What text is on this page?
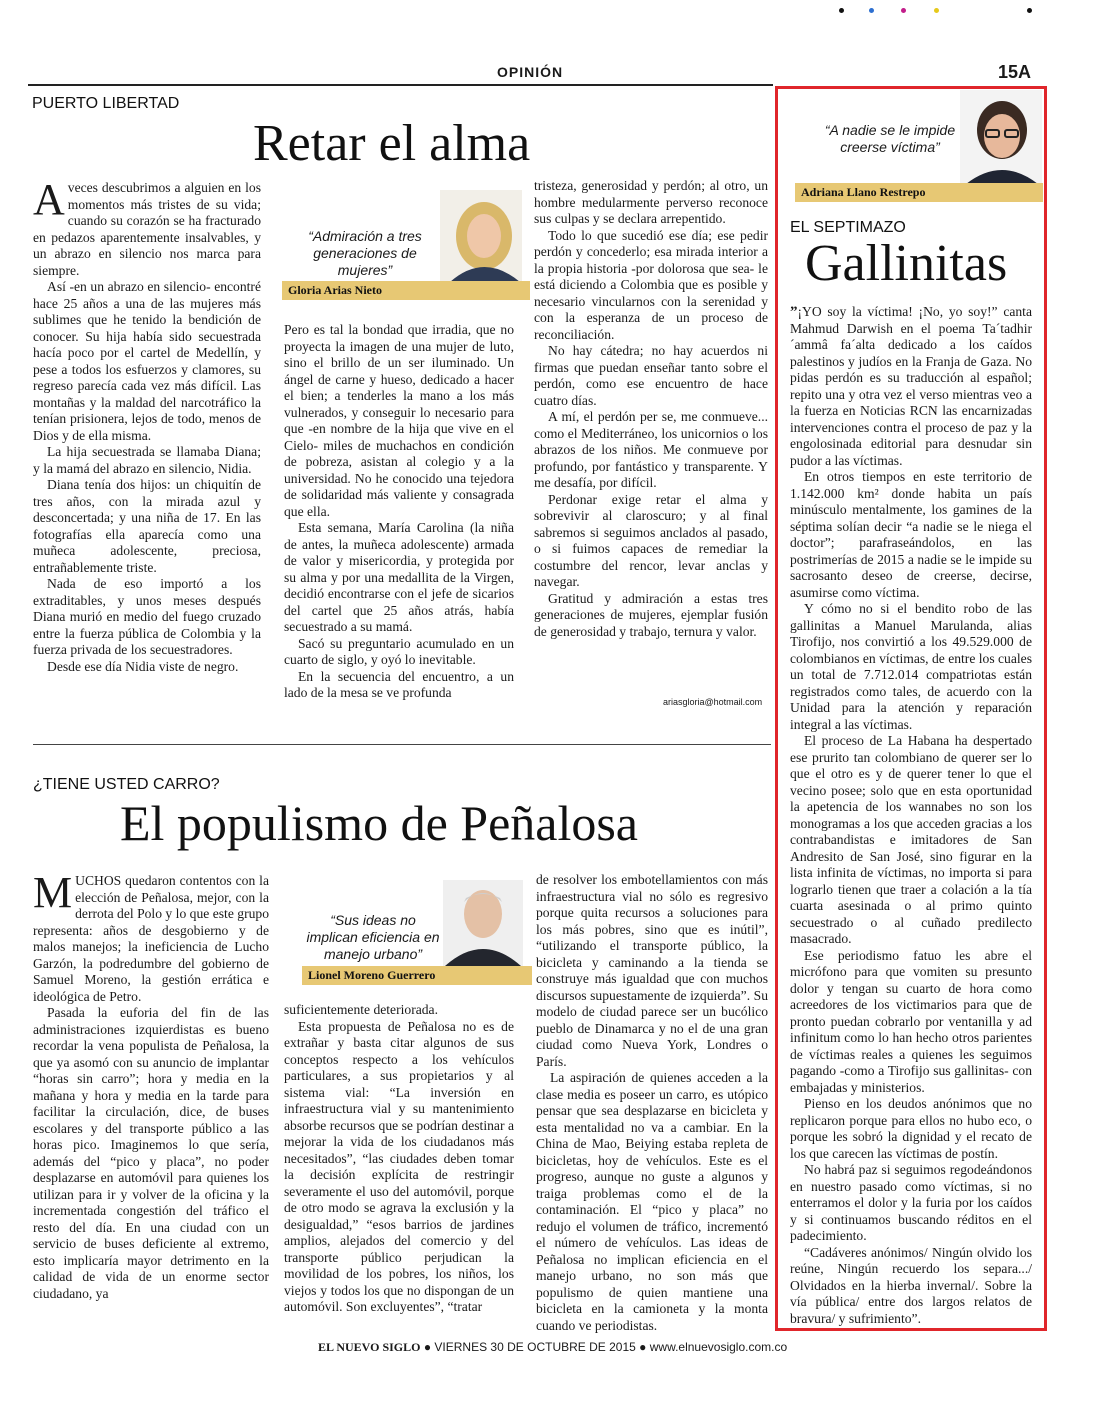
OPINIÓN	15A
PUERTO LIBERTAD
Retar el alma

Aveces descubrimos a alguien en los momentos más tristes de su vida; cuando su corazón se ha fracturado en pedazos aparentemente insalvables, y un abrazo en silencio nos marca para siempre.

Así -en un abrazo en silencio- encontré hace 25 años a una de las mujeres más sublimes que he tenido la bendición de conocer. Su hija había sido secuestrada hacía poco por el cartel de Medellín, y pese a todos los esfuerzos y clamores, su regreso parecía cada vez más difícil. Las montañas y la maldad del narcotráfico la tenían prisionera, lejos de todo, menos de Dios y de ella misma.

La hija secuestrada se llamaba Diana; y la mamá del abrazo en silencio, Nidia.

Diana tenía dos hijos: un chiquitín de tres años, con la mirada azul y desconcertada; y una niña de 17. En las fotografías ella aparecía como una muñeca adolescente, preciosa, entrañablemente triste.

Nada de eso importó a los extraditables, y unos meses después Diana murió en medio del fuego cruzado entre la fuerza pública de Colombia y la fuerza privada de los secuestradores.

Desde ese día Nidia viste de negro.

“Admiración a tres generaciones de mujeres”
Gloria Arias Nieto

Pero es tal la bondad que irradia, que no proyecta la imagen de una mujer de luto, sino el brillo de un ser iluminado. Un ángel de carne y hueso, dedicado a hacer el bien; a tenderles la mano a los más vulnerados, y conseguir lo necesario para que -en nombre de la hija que vive en el Cielo- miles de muchachos en condición de pobreza, asistan al colegio y a la universidad. No he conocido una tejedora de solidaridad más valiente y consagrada que ella.

Esta semana, María Carolina (la niña de antes, la muñeca adolescente) armada de valor y misericordia, y protegida por su alma y por una medallita de la Virgen, decidió encontrarse con el jefe de sicarios del cartel que 25 años atrás, había secuestrado a su mamá.

Sacó su preguntario acumulado en un cuarto de siglo, y oyó lo inevitable.

En la secuencia del encuentro, a un lado de la mesa se ve profunda

tristeza, generosidad y perdón; al otro, un hombre medularmente perverso reconoce sus culpas y se declara arrepentido.

Todo lo que sucedió ese día; ese pedir perdón y concederlo; esa mirada interior a la propia historia -por dolorosa que sea- le está diciendo a Colombia que es posible y necesario vincularnos con la serenidad y con la esperanza de un proceso de reconciliación.

No hay cátedra; no hay acuerdos ni firmas que puedan enseñar tanto sobre el perdón, como ese encuentro de hace cuatro días.

A mí, el perdón per se, me conmueve... como el Mediterráneo, los unicornios o los abrazos de los niños. Me conmueve por profundo, por fantástico y transparente. Y me desafía, por difícil.

Perdonar exige retar el alma y sobrevivir al claroscuro; y al final sabremos si seguimos anclados al pasado, o si fuimos capaces de remediar la costumbre del rencor, levar anclas y navegar.

Gratitud y admiración a estas tres generaciones de mujeres, ejemplar fusión de generosidad y trabajo, ternura y valor.

ariasgloria@hotmail.com
¿TIENE USTED CARRO?
El populismo de Peñalosa

MUCHOS quedaron contentos con la elección de Peñalosa, mejor, con la derrota del Polo y lo que este grupo representa: años de desgobierno y de malos manejos; la ineficiencia de Lucho Garzón, la podredumbre del gobierno de Samuel Moreno, la gestión errática e ideológica de Petro.

Pasada la euforia del fin de las administraciones izquierdistas es bueno recordar la vena populista de Peñalosa, la que ya asomó con su anuncio de implantar “horas sin carro”; hora y media en la mañana y hora y media en la tarde para facilitar la circulación, dice, de buses escolares y del transporte público a las horas pico. Imaginemos lo que sería, además del “pico y placa”, no poder desplazarse en automóvil para quienes los utilizan para ir y volver de la oficina y la incrementada congestión del tráfico el resto del día. En una ciudad con un servicio de buses deficiente al extremo, esto implicaría mayor detrimento en la calidad de vida de un enorme sector ciudadano, ya

“Sus ideas no implican eficiencia en manejo urbano”
Lionel Moreno Guerrero

suficientemente deteriorada.

Esta propuesta de Peñalosa no es de extrañar y basta citar algunos de sus conceptos respecto a los vehículos particulares, a sus propietarios y al sistema vial: “La inversión en infraestructura vial y su mantenimiento absorbe recursos que se podrían destinar a mejorar la vida de los ciudadanos más necesitados”, “las ciudades deben tomar la decisión explícita de restringir severamente el uso del automóvil, porque de otro modo se agrava la exclusión y la desigualdad,” “esos barrios de jardines amplios, alejados del comercio y del transporte público perjudican la movilidad de los pobres, los niños, los viejos y todos los que no dispongan de un automóvil. Son excluyentes”, “tratar

de resolver los embotellamientos con más infraestructura vial no sólo es regresivo porque quita recursos a soluciones para los más pobres, sino que es inútil”, “utilizando el transporte público, la bicicleta y caminando a la tienda se construye más igualdad que con muchos discursos supuestamente de izquierda”. Su modelo de ciudad parece ser un bucólico pueblo de Dinamarca y no el de una gran ciudad como Nueva York, Londres o París.

La aspiración de quienes acceden a la clase media es poseer un carro, es utópico pensar que sea desplazarse en bicicleta y esta mentalidad no va a cambiar. En la China de Mao, Beiying estaba repleta de bicicletas, hoy de vehículos. Este es el progreso, aunque no guste a algunos y traiga problemas como el de la contaminación. El “pico y placa” no redujo el volumen de tráfico, incrementó el número de vehículos. Las ideas de Peñalosa no implican eficiencia en el manejo urbano, no son más que populismo de quien mantiene una bicicleta en la camioneta y la monta cuando ve periodistas.

“A nadie se le impide creerse víctima”
Adriana Llano Restrepo
EL SEPTIMAZO
Gallinitas

”¡YO soy la víctima! ¡No, yo soy!” canta Mahmud Darwish en el poema Ta´tadhir ´ammâ fa´alta dedicado a los caídos palestinos y judíos en la Franja de Gaza. No pidas perdón es su traducción al español; repito una y otra vez el verso mientras veo a la fuerza en Noticias RCN las encarnizadas intervenciones contra el proceso de paz y la engolosinada editorial para desnudar sin pudor a las víctimas.

En otros tiempos en este territorio de 1.142.000 km² donde habita un país minúsculo mentalmente, los gamines de la séptima solían decir “a nadie se le niega el doctor”; parafraseándolos, en las postrimerías de 2015 a nadie se le impide su sacrosanto deseo de creerse, decirse, asumirse como víctima.

Y cómo no si el bendito robo de las gallinitas a Manuel Marulanda, alias Tirofijo, nos convirtió a los 49.529.000 de colombianos en víctimas, de entre los cuales un total de 7.712.014 compatriotas están registrados como tales, de acuerdo con la Unidad para la atención y reparación integral a las víctimas.

El proceso de La Habana ha despertado ese prurito tan colombiano de querer ser lo que el otro es y de querer tener lo que el vecino posee; solo que en esta oportunidad la apetencia de los wannabes no son los monogramas a los que acceden gracias a los contrabandistas e imitadores de San Andresito de San José, sino figurar en la lista infinita de víctimas, no importa si para lograrlo tienen que traer a colación a la tía cuarta asesinada o al primo quinto secuestrado o al cuñado predilecto masacrado.

Ese periodismo fatuo les abre el micrófono para que vomiten su presunto dolor y tengan su cuarto de hora como acreedores de los victimarios para que de pronto puedan cobrarlo por ventanilla y ad infinitum como lo han hecho otros parientes de víctimas reales a quienes les seguimos pagando -como a Tirofijo sus gallinitas- con embajadas y ministerios.

Pienso en los deudos anónimos que no replicaron porque para ellos no hubo eco, o porque les sobró la dignidad y el recato de los que carecen las víctimas de postín.

No habrá paz si seguimos regodeándonos en nuestro pasado como víctimas, si no enterramos el dolor y la furia por los caídos y si continuamos buscando réditos en el padecimiento.

“Cadáveres anónimos/ Ningún olvido los reúne, Ningún recuerdo los separa.../ Olvidados en la hierba invernal/. Sobre la vía pública/ entre dos largos relatos de bravura/ y sufrimiento”.

EL NUEVO SIGLO ● VIERNES 30 DE OCTUBRE DE 2015 ● www.elnuevosiglo.com.co
